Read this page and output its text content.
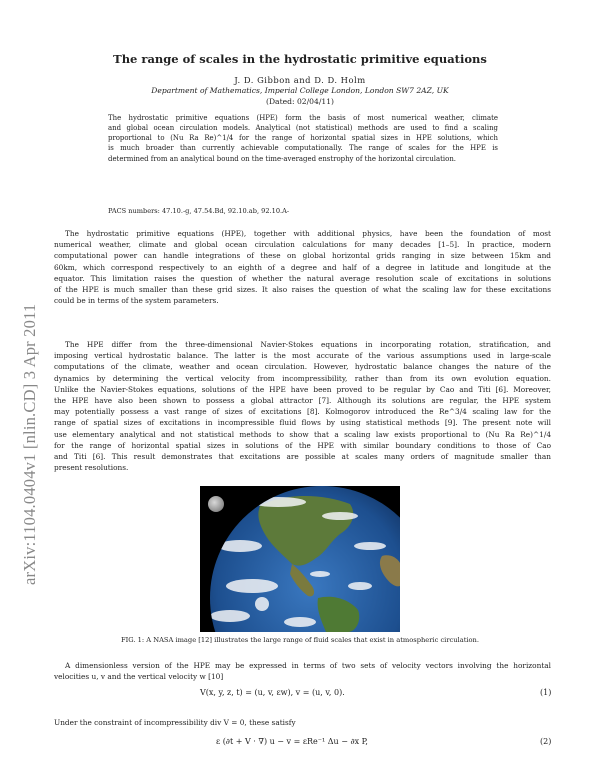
arXiv:1104.0404v1 [nlin.CD] 3 Apr 2011
The range of scales in the hydrostatic primitive equations
J. D. Gibbon and D. D. Holm
Department of Mathematics, Imperial College London, London SW7 2AZ, UK
(Dated: 02/04/11)
The hydrostatic primitive equations (HPE) form the basis of most numerical weather, climate
and global ocean circulation models. Analytical (not statistical) methods are used to find a scaling
proportional to (Nu Ra Re)^1/4 for the range of horizontal spatial sizes in HPE solutions, which
is much broader than currently achievable computationally. The range of scales for the HPE is
determined from an analytical bound on the time-averaged enstrophy of the horizontal circulation.
PACS numbers: 47.10.-g, 47.54.Bd, 92.10.ab, 92.10.A-
The hydrostatic primitive equations (HPE), together with additional physics, have been the foundation of most
numerical weather, climate and global ocean circulation calculations for many decades [1–5]. In practice, modern
computational power can handle integrations of these on global horizontal grids ranging in size between 15km and
60km, which correspond respectively to an eighth of a degree and half of a degree in latitude and longitude at the
equator. This limitation raises the question of whether the natural average resolution scale of excitations in solutions
of the HPE is much smaller than these grid sizes. It also raises the question of what the scaling law for these excitations
could be in terms of the system parameters.
The HPE differ from the three-dimensional Navier-Stokes equations in incorporating rotation, stratification, and
imposing vertical hydrostatic balance. The latter is the most accurate of the various assumptions used in large-scale
computations of the climate, weather and ocean circulation. However, hydrostatic balance changes the nature of the
dynamics by determining the vertical velocity from incompressibility, rather than from its own evolution equation.
Unlike the Navier-Stokes equations, solutions of the HPE have been proved to be regular by Cao and Titi [6]. Moreover,
the HPE have also been shown to possess a global attractor [7]. Although its solutions are regular, the HPE system
may potentially possess a vast range of sizes of excitations [8]. Kolmogorov introduced the Re^3/4 scaling law for the
range of spatial sizes of excitations in incompressible fluid flows by using statistical methods [9]. The present note will
use elementary analytical and not statistical methods to show that a scaling law exists proportional to (Nu Ra Re)^1/4
for the range of horizontal spatial sizes in solutions of the HPE with similar boundary conditions to those of Cao
and Titi [6]. This result demonstrates that excitations are possible at scales many orders of magnitude smaller than
present resolutions.
FIG. 1: A NASA image [12] illustrates the large range of fluid scales that exist in atmospheric circulation.
A dimensionless version of the HPE may be expressed in terms of two sets of velocity vectors involving the horizontal
velocities u, v and the vertical velocity w [10]
V(x, y, z, t) = (u, v, εw), v = (u, v, 0).	(1)
Under the constraint of incompressibility div V = 0, these satisfy
ε (∂t + V · ∇) u − v = εRe⁻¹ Δu − ∂x P,	(2)
